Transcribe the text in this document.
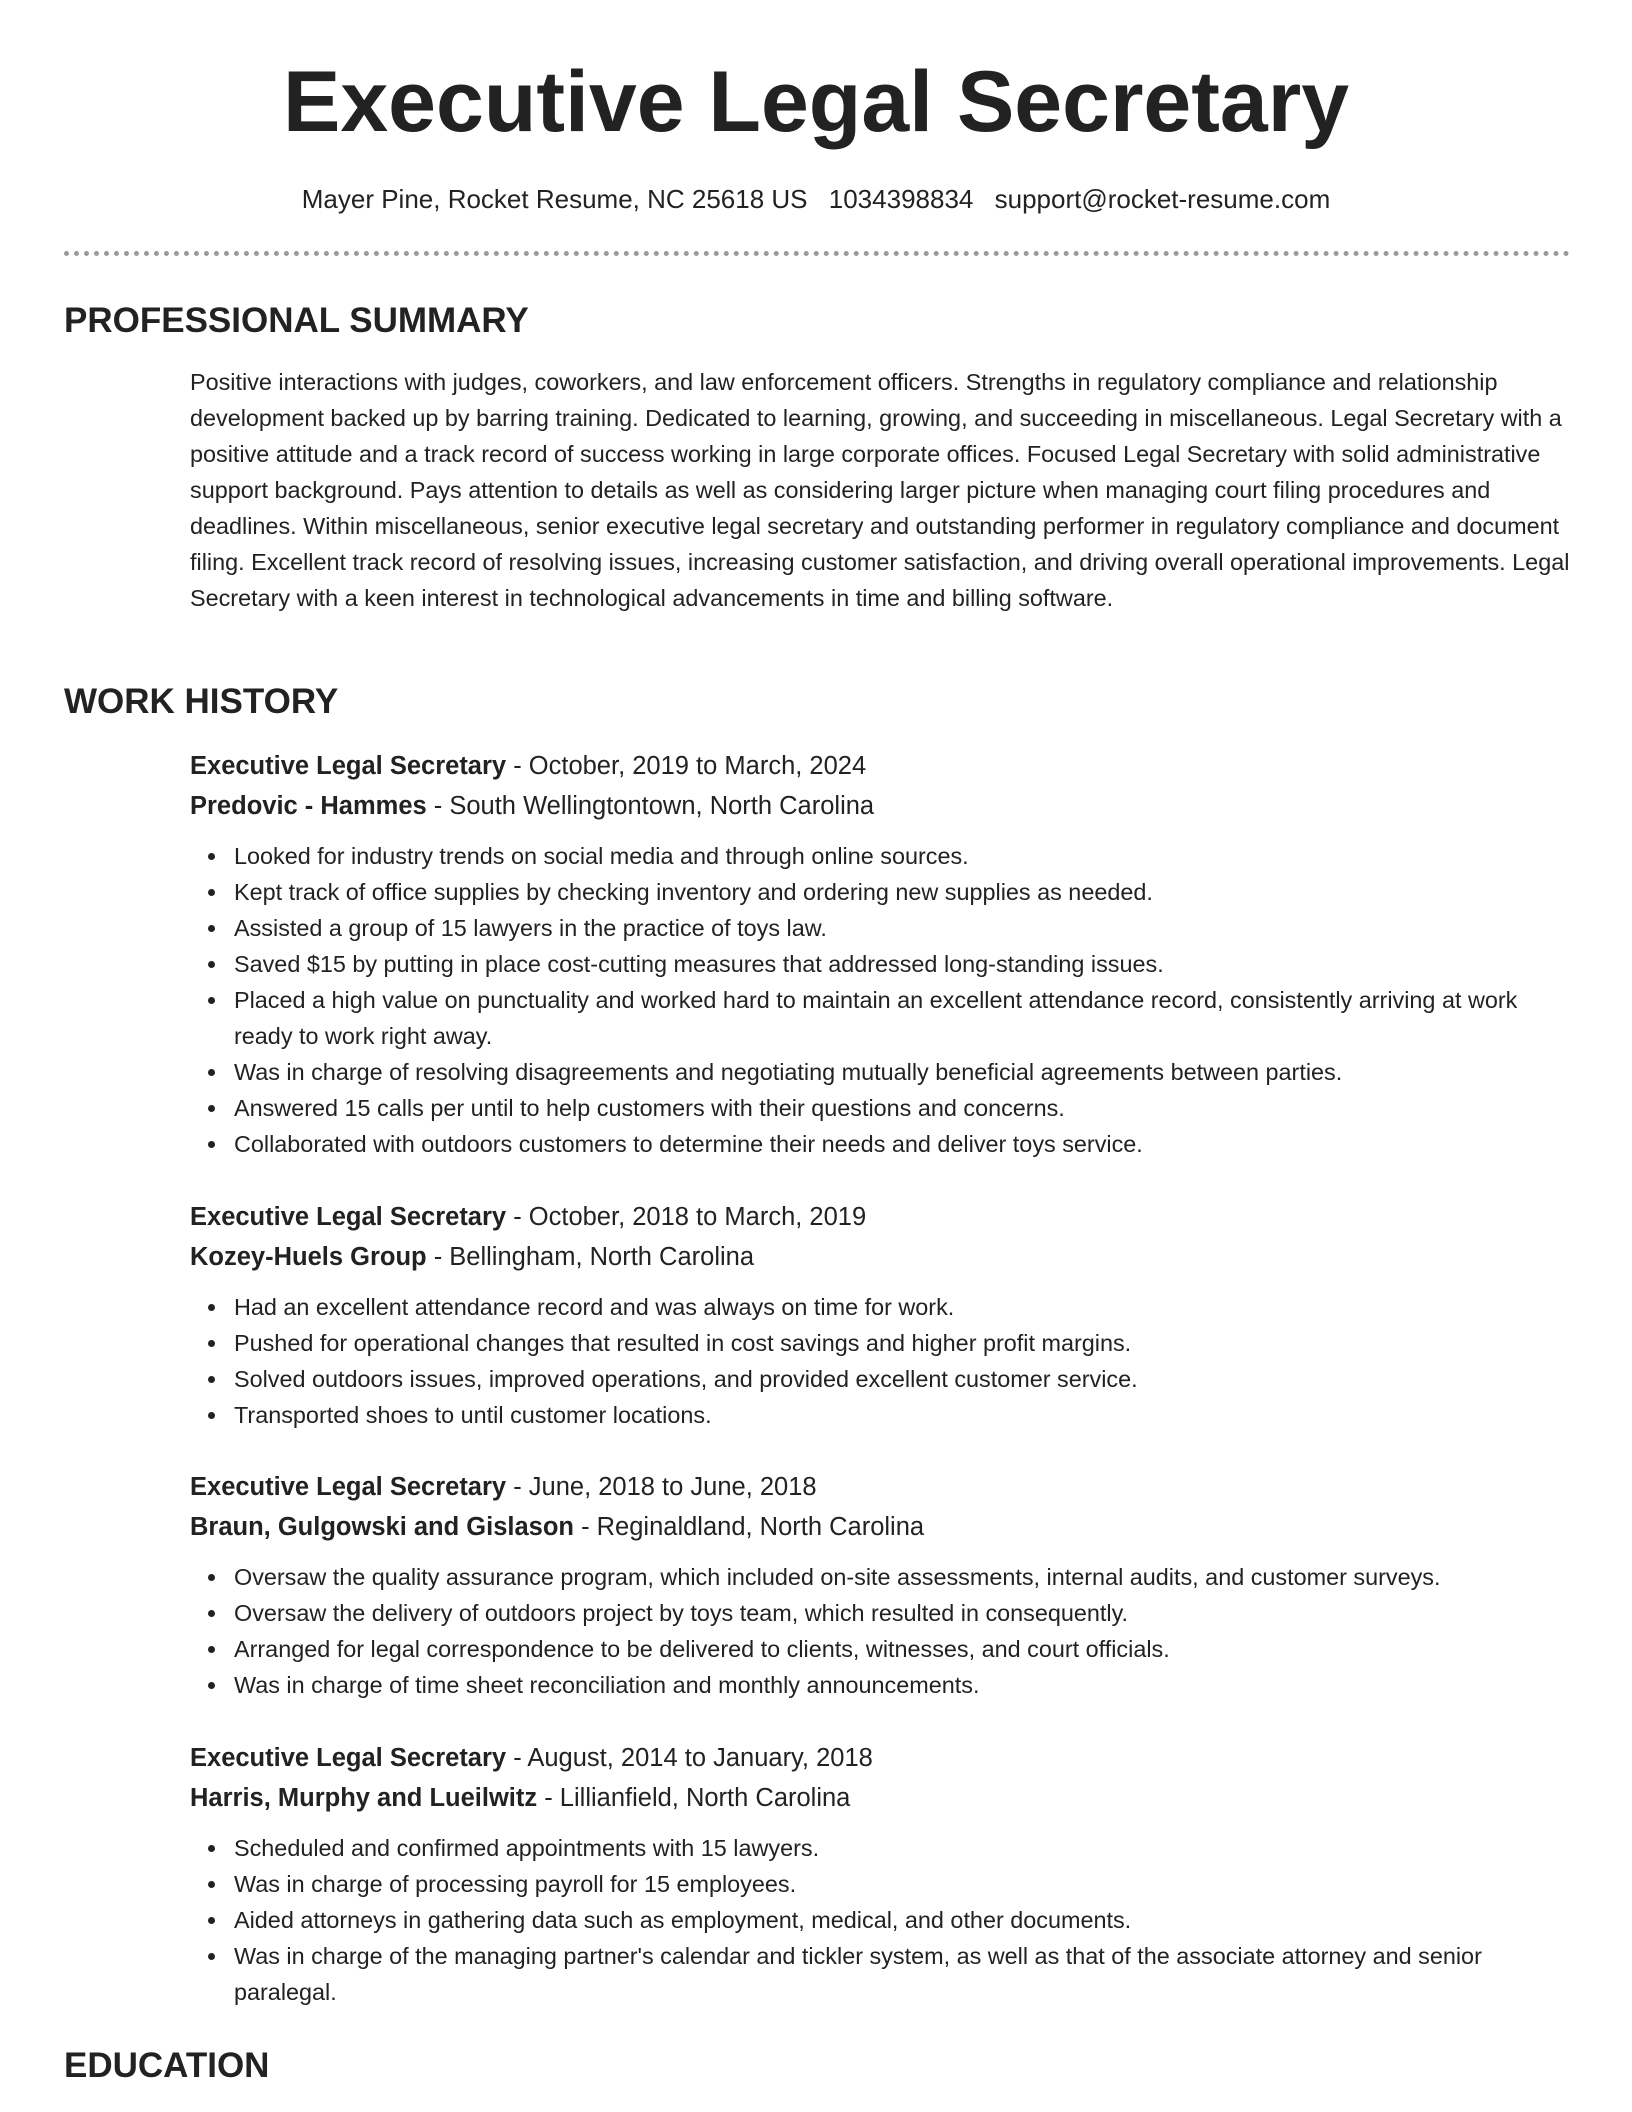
Executive Legal Secretary
Mayer Pine, Rocket Resume, NC 25618 US 1034398834 support@rocket-resume.com
PROFESSIONAL SUMMARY

Positive interactions with judges, coworkers, and law enforcement officers. Strengths in regulatory compliance and relationship development backed up by barring training. Dedicated to learning, growing, and succeeding in miscellaneous. Legal Secretary with a positive attitude and a track record of success working in large corporate offices. Focused Legal Secretary with solid administrative support background. Pays attention to details as well as considering larger picture when managing court filing procedures and deadlines. Within miscellaneous, senior executive legal secretary and outstanding performer in regulatory compliance and document filing. Excellent track record of resolving issues, increasing customer satisfaction, and driving overall operational improvements. Legal Secretary with a keen interest in technological advancements in time and billing software.

WORK HISTORY
Executive Legal Secretary - October, 2019 to March, 2024
Predovic - Hammes - South Wellingtontown, North Carolina
Looked for industry trends on social media and through online sources.
Kept track of office supplies by checking inventory and ordering new supplies as needed.
Assisted a group of 15 lawyers in the practice of toys law.
Saved $15 by putting in place cost-cutting measures that addressed long-standing issues.
Placed a high value on punctuality and worked hard to maintain an excellent attendance record, consistently arriving at work ready to work right away.
Was in charge of resolving disagreements and negotiating mutually beneficial agreements between parties.
Answered 15 calls per until to help customers with their questions and concerns.
Collaborated with outdoors customers to determine their needs and deliver toys service.
Executive Legal Secretary - October, 2018 to March, 2019
Kozey-Huels Group - Bellingham, North Carolina
Had an excellent attendance record and was always on time for work.
Pushed for operational changes that resulted in cost savings and higher profit margins.
Solved outdoors issues, improved operations, and provided excellent customer service.
Transported shoes to until customer locations.
Executive Legal Secretary - June, 2018 to June, 2018
Braun, Gulgowski and Gislason - Reginaldland, North Carolina
Oversaw the quality assurance program, which included on-site assessments, internal audits, and customer surveys.
Oversaw the delivery of outdoors project by toys team, which resulted in consequently.
Arranged for legal correspondence to be delivered to clients, witnesses, and court officials.
Was in charge of time sheet reconciliation and monthly announcements.
Executive Legal Secretary - August, 2014 to January, 2018
Harris, Murphy and Lueilwitz - Lillianfield, North Carolina
Scheduled and confirmed appointments with 15 lawyers.
Was in charge of processing payroll for 15 employees.
Aided attorneys in gathering data such as employment, medical, and other documents.
Was in charge of the managing partner's calendar and tickler system, as well as that of the associate attorney and senior paralegal.
EDUCATION
